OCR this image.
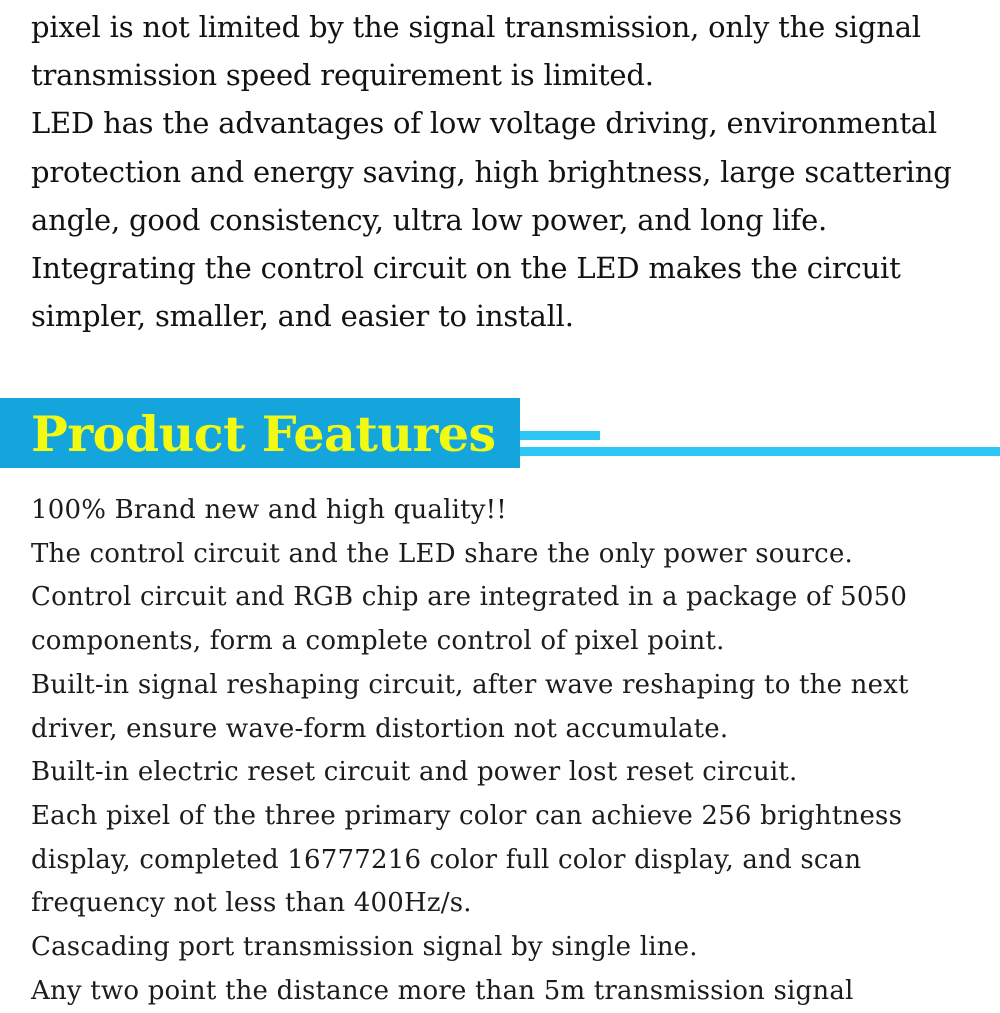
pixel is not limited by the signal transmission, only the signal
transmission speed requirement is limited.
LED has the advantages of low voltage driving, environmental
protection and energy saving, high brightness, large scattering
angle, good consistency, ultra low power, and long life.
Integrating the control circuit on the LED makes the circuit
simpler, smaller, and easier to install.
Product Features
100% Brand new and high quality!!
The control circuit and the LED share the only power source.
Control circuit and RGB chip are integrated in a package of 5050
components, form a complete control of pixel point.
Built-in signal reshaping circuit, after wave reshaping to the next
driver, ensure wave-form distortion not accumulate.
Built-in electric reset circuit and power lost reset circuit.
Each pixel of the three primary color can achieve 256 brightness
display, completed 16777216 color full color display, and scan
frequency not less than 400Hz/s.
Cascading port transmission signal by single line.
Any two point the distance more than 5m transmission signal
